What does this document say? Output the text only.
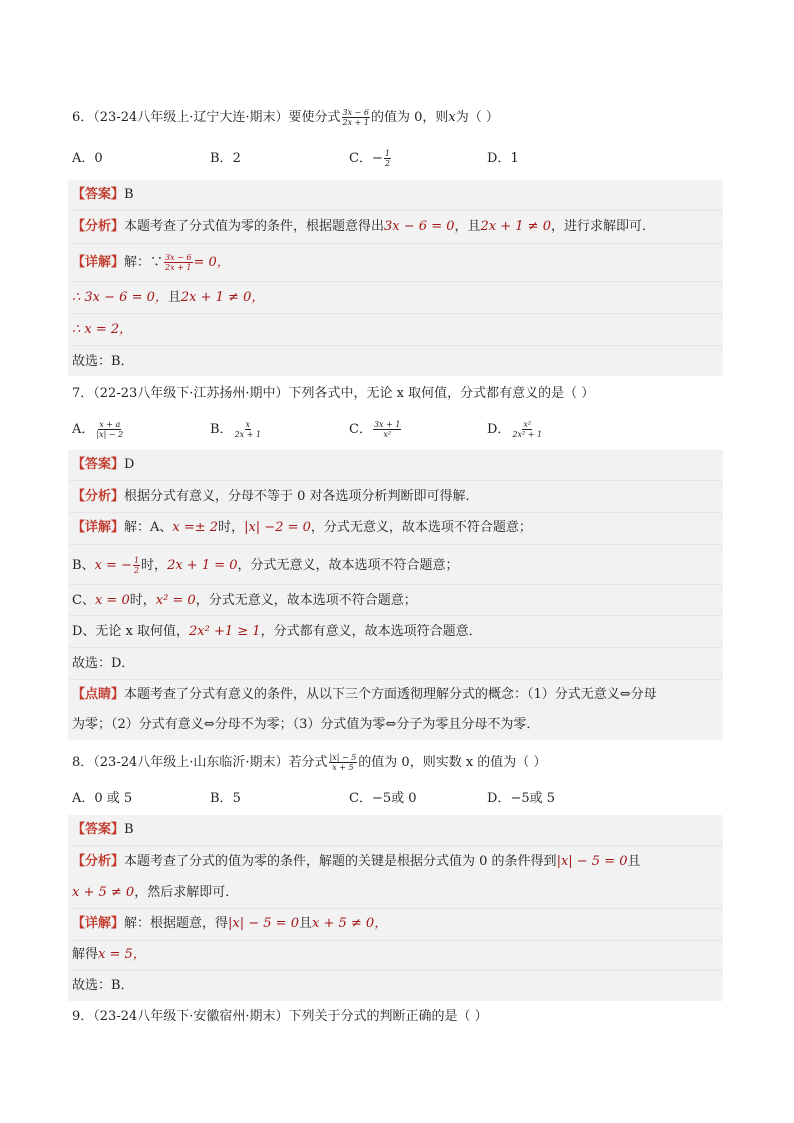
6．（23-24八年级上·辽宁大连·期末）要使分式 $\frac{3x - 6}{2x + 1}$ 的值为 0，则x为（ ）
A．0	B．2	C．− $\frac{1}{2}$	D．1
【答案】B
【分析】本题考查了分式值为零的条件，根据题意得出3x − 6 = 0，且2x + 1 ≠ 0，进行求解即可．
【详解】解：∵ $\frac{3x - 6}{2x + 1} = 0$，
∴ 3x − 6 = 0，且2x + 1 ≠ 0，
∴ x = 2，
故选：B．
7．（22-23八年级下·江苏扬州·期中）下列各式中，无论 x 取何值，分式都有意义的是（ ）
A． $\frac{x + a}{|x| - 2}$	B． $\frac{x}{2x + 1}$	C． $\frac{3x + 1}{\text{x²}}$	D． $\frac{\text{x²}}{\text{2x² + 1}}$
【答案】D
【分析】根据分式有意义，分母不等于 0 对各选项分析判断即可得解．
【详解】解：A、x =± 2时，|x| −2 = 0，分式无意义，故本选项不符合题意；
B、x = − $\frac{1}{2}$ 时，2x + 1 = 0，分式无意义，故本选项不符合题意；
C、x = 0时，x² = 0，分式无意义，故本选项不符合题意；
D、无论 x 取何值，2x² +1 ≥ 1，分式都有意义，故本选项符合题意．
故选：D．
【点睛】本题考查了分式有意义的条件，从以下三个方面透彻理解分式的概念：（1）分式无意义⇔分母
为零；（2）分式有意义⇔分母不为零；（3）分式值为零⇔分子为零且分母不为零．
8．（23-24八年级上·山东临沂·期末）若分式 $\frac{|x| - 5}{x + 5}$ 的值为 0，则实数 x 的值为（ ）
A．0 或 5	B．5	C．−5或 0	D．−5或 5
【答案】B
【分析】本题考查了分式的值为零的条件，解题的关键是根据分式值为 0 的条件得到|x| − 5 = 0且
x + 5 ≠ 0，然后求解即可．
【详解】解：根据题意，得|x| − 5 = 0且x + 5 ≠ 0，
解得x = 5，
故选：B．
9．（23-24八年级下·安徽宿州·期末）下列关于分式的判断正确的是（ ）
